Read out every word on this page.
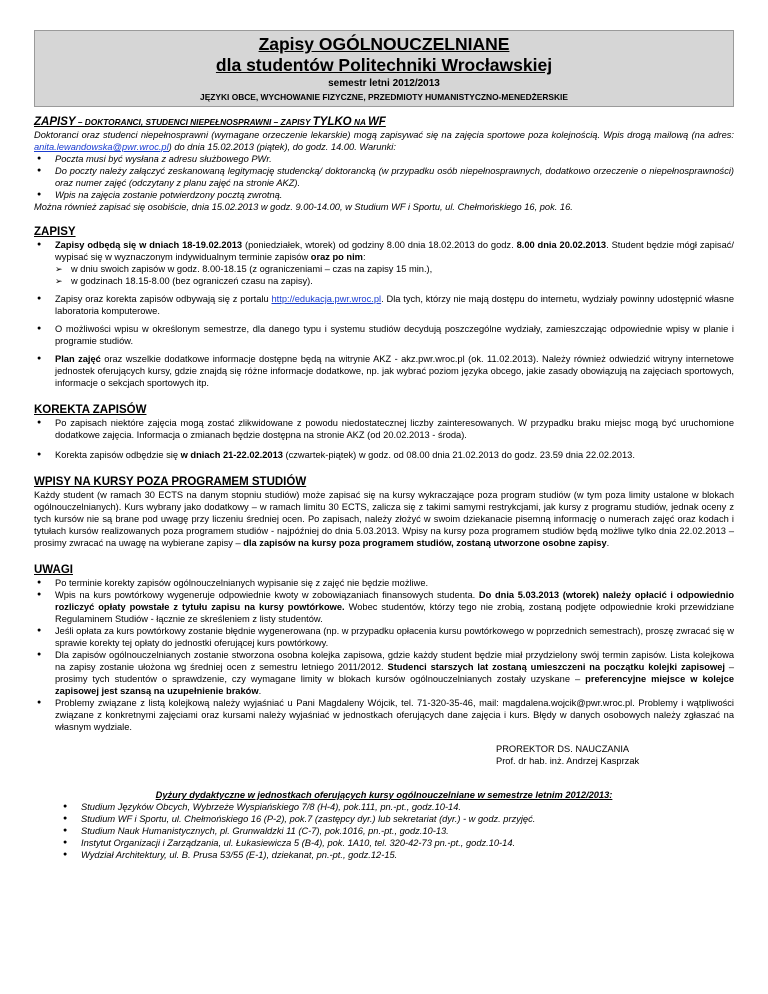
Zapisy OGÓLNOUCZELNIANE
dla studentów Politechniki Wrocławskiej
semestr letni 2012/2013
JĘZYKI OBCE, WYCHOWANIE FIZYCZNE, PRZEDMIOTY HUMANISTYCZNO-MENEDŻERSKIE
ZAPISY – DOKTORANCI, STUDENCI NIEPEŁNOSPRAWNI – ZAPISY TYLKO NA WF

Doktoranci oraz studenci niepełnosprawni (wymagane orzeczenie lekarskie) mogą zapisywać się na zajęcia sportowe poza kolejnością. Wpis drogą mailową (na adres: anita.lewandowska@pwr.wroc.pl) do dnia 15.02.2013 (piątek), do godz. 14.00. Warunki:

● Poczta musi być wysłana z adresu służbowego PWr.
● Do poczty należy załączyć zeskanowaną legitymację studencką/ doktorancką (w przypadku osób niepełnosprawnych, dodatkowo orzeczenie o niepełnosprawności) oraz numer zajęć (odczytany z planu zajęć na stronie AKZ).
● Wpis na zajęcia zostanie potwierdzony pocztą zwrotną.

Można również zapisać się osobiście, dnia 15.02.2013 w godz. 9.00-14.00, w Studium WF i Sportu, ul. Chełmońskiego 16, pok. 16.

ZAPISY
● Zapisy odbędą się w dniach 18-19.02.2013 (poniedziałek, wtorek) od godziny 8.00 dnia 18.02.2013 do godz. 8.00 dnia 20.02.2013. Student będzie mógł zapisać/ wypisać się w wyznaczonym indywidualnym terminie zapisów oraz po nim:
➢ w dniu swoich zapisów w godz. 8.00-18.15 (z ograniczeniami – czas na zapisy 15 min.),
➢ w godzinach 18.15-8.00 (bez ograniczeń czasu na zapisy).
● Zapisy oraz korekta zapisów odbywają się z portalu http://edukacja.pwr.wroc.pl. Dla tych, którzy nie mają dostępu do internetu, wydziały powinny udostępnić własne laboratoria komputerowe.
● O możliwości wpisu w określonym semestrze, dla danego typu i systemu studiów decydują poszczególne wydziały, zamieszczając odpowiednie wpisy w planie i programie studiów.
● Plan zajęć oraz wszelkie dodatkowe informacje dostępne będą na witrynie AKZ - akz.pwr.wroc.pl (ok. 11.02.2013). Należy również odwiedzić witryny internetowe jednostek oferujących kursy, gdzie znajdą się różne informacje dodatkowe, np. jak wybrać poziom języka obcego, jakie zasady obowiązują na zajęciach sportowych, informacje o sekcjach sportowych itp.
KOREKTA ZAPISÓW
● Po zapisach niektóre zajęcia mogą zostać zlikwidowane z powodu niedostatecznej liczby zainteresowanych. W przypadku braku miejsc mogą być uruchomione dodatkowe zajęcia. Informacja o zmianach będzie dostępna na stronie AKZ (od 20.02.2013 - środa).
● Korekta zapisów odbędzie się w dniach 21-22.02.2013 (czwartek-piątek) w godz. od 08.00 dnia 21.02.2013 do godz. 23.59 dnia 22.02.2013.
WPISY NA KURSY POZA PROGRAMEM STUDIÓW

Każdy student (w ramach 30 ECTS na danym stopniu studiów) może zapisać się na kursy wykraczające poza program studiów (w tym poza limity ustalone w blokach ogólnouczelnianych). Kurs wybrany jako dodatkowy – w ramach limitu 30 ECTS, zalicza się z takimi samymi restrykcjami, jak kursy z programu studiów, jednak oceny z tych kursów nie są brane pod uwagę przy liczeniu średniej ocen. Po zapisach, należy złożyć w swoim dziekanacie pisemną informację o numerach zajęć oraz kodach i tytułach kursów realizowanych poza programem studiów - najpóźniej do dnia 5.03.2013. Wpisy na kursy poza programem studiów będą możliwe tylko dnia 22.02.2013 – prosimy zwracać na uwagę na wybierane zapisy – dla zapisów na kursy poza programem studiów, zostaną utworzone osobne zapisy.

UWAGI
● Po terminie korekty zapisów ogólnouczelnianych wypisanie się z zajęć nie będzie możliwe.
● Wpis na kurs powtórkowy wygeneruje odpowiednie kwoty w zobowiązaniach finansowych studenta. Do dnia 5.03.2013 (wtorek) należy opłacić i odpowiednio rozliczyć opłaty powstałe z tytułu zapisu na kursy powtórkowe. Wobec studentów, którzy tego nie zrobią, zostaną podjęte odpowiednie kroki przewidziane Regulaminem Studiów - łącznie ze skreśleniem z listy studentów.
● Jeśli opłata za kurs powtórkowy zostanie błędnie wygenerowana (np. w przypadku opłacenia kursu powtórkowego w poprzednich semestrach), proszę zwracać się w sprawie korekty tej opłaty do jednostki oferującej kurs powtórkowy.
● Dla zapisów ogólnouczelnianych zostanie stworzona osobna kolejka zapisowa, gdzie każdy student będzie miał przydzielony swój termin zapisów. Lista kolejkowa na zapisy zostanie ułożona wg średniej ocen z semestru letniego 2011/2012. Studenci starszych lat zostaną umieszczeni na początku kolejki zapisowej – prosimy tych studentów o sprawdzenie, czy wymagane limity w blokach kursów ogólnouczelnianych zostały uzyskane – preferencyjne miejsce w kolejce zapisowej jest szansą na uzupełnienie braków.
● Problemy związane z listą kolejkową należy wyjaśniać u Pani Magdaleny Wójcik, tel. 71-320-35-46, mail: magdalena.wojcik@pwr.wroc.pl. Problemy i wątpliwości związane z konkretnymi zajęciami oraz kursami należy wyjaśniać w jednostkach oferujących dane zajęcia i kurs. Błędy w danych osobowych należy zgłaszać na własnym wydziale.
PROREKTOR DS. NAUCZANIA
Prof. dr hab. inż. Andrzej Kasprzak
Dyżury dydaktyczne w jednostkach oferujących kursy ogólnouczelniane w semestrze letnim 2012/2013:
● Studium Języków Obcych, Wybrzeże Wyspiańskiego 7/8 (H-4), pok.111, pn.-pt., godz.10-14.
● Studium WF i Sportu, ul. Chełmońskiego 16 (P-2), pok.7 (zastępcy dyr.) lub sekretariat (dyr.) - w godz. przyjęć.
● Studium Nauk Humanistycznych, pl. Grunwaldzki 11 (C-7), pok.1016, pn.-pt., godz.10-13.
● Instytut Organizacji i Zarządzania, ul. Łukasiewicza 5 (B-4), pok. 1A10, tel. 320-42-73 pn.-pt., godz.10-14.
● Wydział Architektury, ul. B. Prusa 53/55 (E-1), dziekanat, pn.-pt., godz.12-15.
